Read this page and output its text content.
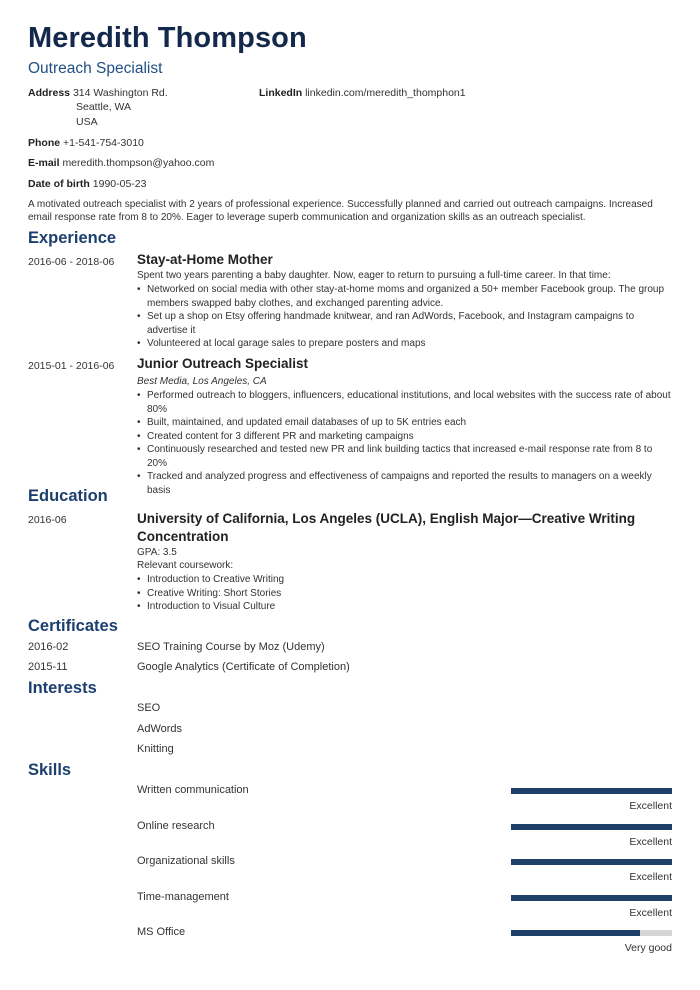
Meredith Thompson
Outreach Specialist
Address 314 Washington Rd.
Seattle, WA
USA
LinkedIn linkedin.com/meredith_thomphon1
Phone +1-541-754-3010
E-mail meredith.thompson@yahoo.com
Date of birth 1990-05-23
A motivated outreach specialist with 2 years of professional experience. Successfully planned and carried out outreach campaigns. Increased
email response rate from 8 to 20%. Eager to leverage superb communication and organization skills as an outreach specialist.
Experience
2016-06 - 2018-06 Stay-at-Home Mother
Spent two years parenting a baby daughter. Now, eager to return to pursuing a full-time career. In that time:
• Networked on social media with other stay-at-home moms and organized a 50+ member Facebook group. The group members swapped baby clothes, and exchanged parenting advice.
• Set up a shop on Etsy offering handmade knitwear, and ran AdWords, Facebook, and Instagram campaigns to advertise it
• Volunteered at local garage sales to prepare posters and maps
2015-01 - 2016-06 Junior Outreach Specialist
Best Media, Los Angeles, CA
• Performed outreach to bloggers, influencers, educational institutions, and local websites with the success rate of about 80%
• Built, maintained, and updated email databases of up to 5K entries each
• Created content for 3 different PR and marketing campaigns
• Continuously researched and tested new PR and link building tactics that increased e-mail response rate from 8 to 20%
• Tracked and analyzed progress and effectiveness of campaigns and reported the results to managers on a weekly basis
Education
2016-06	University of California, Los Angeles (UCLA), English Major—Creative Writing Concentration
GPA: 3.5
Relevant coursework:
• Introduction to Creative Writing
• Creative Writing: Short Stories
• Introduction to Visual Culture
Certificates
2016-02	SEO Training Course by Moz (Udemy)
2015-11	Google Analytics (Certificate of Completion)
Interests
SEO
AdWords
Knitting
Skills
Written communication
Excellent
Online research
Excellent
Organizational skills
Excellent
Time-management
Excellent
MS Office
Very good
